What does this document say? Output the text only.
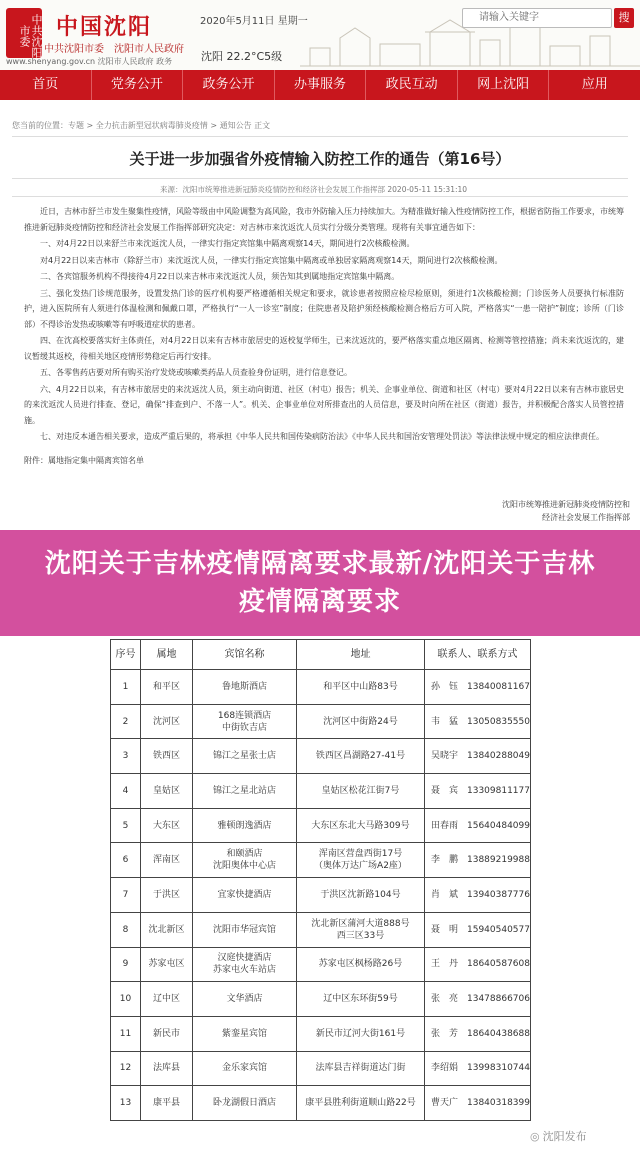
中共沈阳市委	中国沈阳
中共沈阳市委　沈阳市人民政府
www.shenyang.gov.cn 沈阳市人民政府 政务
2020年5月11日 星期一
沈阳 22.2°C5级
请输入关键字	搜
首页	党务公开	政务公开	办事服务	政民互动	网上沈阳	应用
您当前的位置：专题 > 全力抗击新型冠状病毒肺炎疫情 > 通知公告 正文
关于进一步加强省外疫情输入防控工作的通告（第16号）
来源：沈阳市统筹推进新冠肺炎疫情防控和经济社会发展工作指挥部 2020-05-11 15:31:10

近日，吉林市舒兰市发生聚集性疫情，风险等级由中风险调整为高风险，我市外防输入压力持续加大。为精准做好输入性疫情防控工作，根据省防指工作要求，市统筹推进新冠肺炎疫情防控和经济社会发展工作指挥部研究决定：对吉林市来沈返沈人员实行分级分类管理。现将有关事宜通告如下：

一、对4月22日以来舒兰市来沈返沈人员，一律实行指定宾馆集中隔离观察14天，期间进行2次核酸检测。

对4月22日以来吉林市（除舒兰市）来沈返沈人员，一律实行指定宾馆集中隔离或单独居家隔离观察14天，期间进行2次核酸检测。

二、各宾馆服务机构不得接待4月22日以来吉林市来沈返沈人员，须告知其到属地指定宾馆集中隔离。

三、强化发热门诊规范服务，设置发热门诊的医疗机构要严格遵循相关规定和要求，就诊患者按照应检尽检原则，须进行1次核酸检测；门诊医务人员要执行标准防护，进入医院所有人须进行体温检测和佩戴口罩，严格执行“一人一诊室”制度；住院患者及陪护须经核酸检测合格后方可入院，严格落实“一患一陪护”制度；诊所（门诊部）不得诊治发热或咳嗽等有呼吸道症状的患者。

四、在沈高校要落实好主体责任，对4月22日以来有吉林市旅居史的返校复学师生，已来沈返沈的，要严格落实重点地区隔离、检测等管控措施；尚未来沈返沈的，建议暂缓其返校，待相关地区疫情形势稳定后再行安排。

五、各零售药店要对所有购买治疗发烧或咳嗽类药品人员查验身份证明，进行信息登记。

六、4月22日以来，有吉林市旅居史的来沈返沈人员，须主动向街道、社区（村屯）报告；机关、企事业单位、街道和社区（村屯）要对4月22日以来有吉林市旅居史的来沈返沈人员进行排查、登记，确保“排查到户、不落一人”。机关、企事业单位对所排查出的人员信息，要及时向所在社区（街道）报告，并积极配合落实人员管控措施。

七、对违反本通告相关要求，造成严重后果的，将承担《中华人民共和国传染病防治法》《中华人民共和国治安管理处罚法》等法律法规中规定的相应法律责任。

附件：属地指定集中隔离宾馆名单

沈阳市统筹推进新冠肺炎疫情防控和
经济社会发展工作指挥部
沈阳关于吉林疫情隔离要求最新/沈阳关于吉林疫情隔离要求
序号	属地	宾馆名称	地址	联系人、联系方式
1	和平区	鲁地斯酒店	和平区中山路83号	孙　钰 13840081167
2	沈河区	168连锁酒店
中街钦吉店	沈河区中街路24号	韦　猛 13050835550
3	铁西区	锦江之星张士店	铁西区昌湖路27-41号	吴晓宇 13840288049
4	皇姑区	锦江之星北站店	皇姑区松花江街7号	聂　宾 13309811177
5	大东区	雅顿朗逸酒店	大东区东北大马路309号	田春雨 15640484099
6	浑南区	和颐酒店
沈阳奥体中心店	浑南区营盘西街17号
（奥体万达广场A2座）	李　鹏 13889219988
7	于洪区	宜家快捷酒店	于洪区沈新路104号	肖　斌 13940387776
8	沈北新区	沈阳市华冠宾馆	沈北新区蒲河大道888号
西三区33号	聂　明 15940540577
9	苏家屯区	汉庭快捷酒店
苏家屯火车站店	苏家屯区枫杨路26号	王　丹 18640587608
10	辽中区	文华酒店	辽中区东环街59号	张　亮 13478866706
11	新民市	紫銮星宾馆	新民市辽河大街161号	张　芳 18640438688
12	法库县	金乐家宾馆	法库县吉祥街道达门街	李绍娟 13998310744
13	康平县	卧龙湖假日酒店	康平县胜利街道顺山路22号	曹天广 13840318399
◎ 沈阳发布
